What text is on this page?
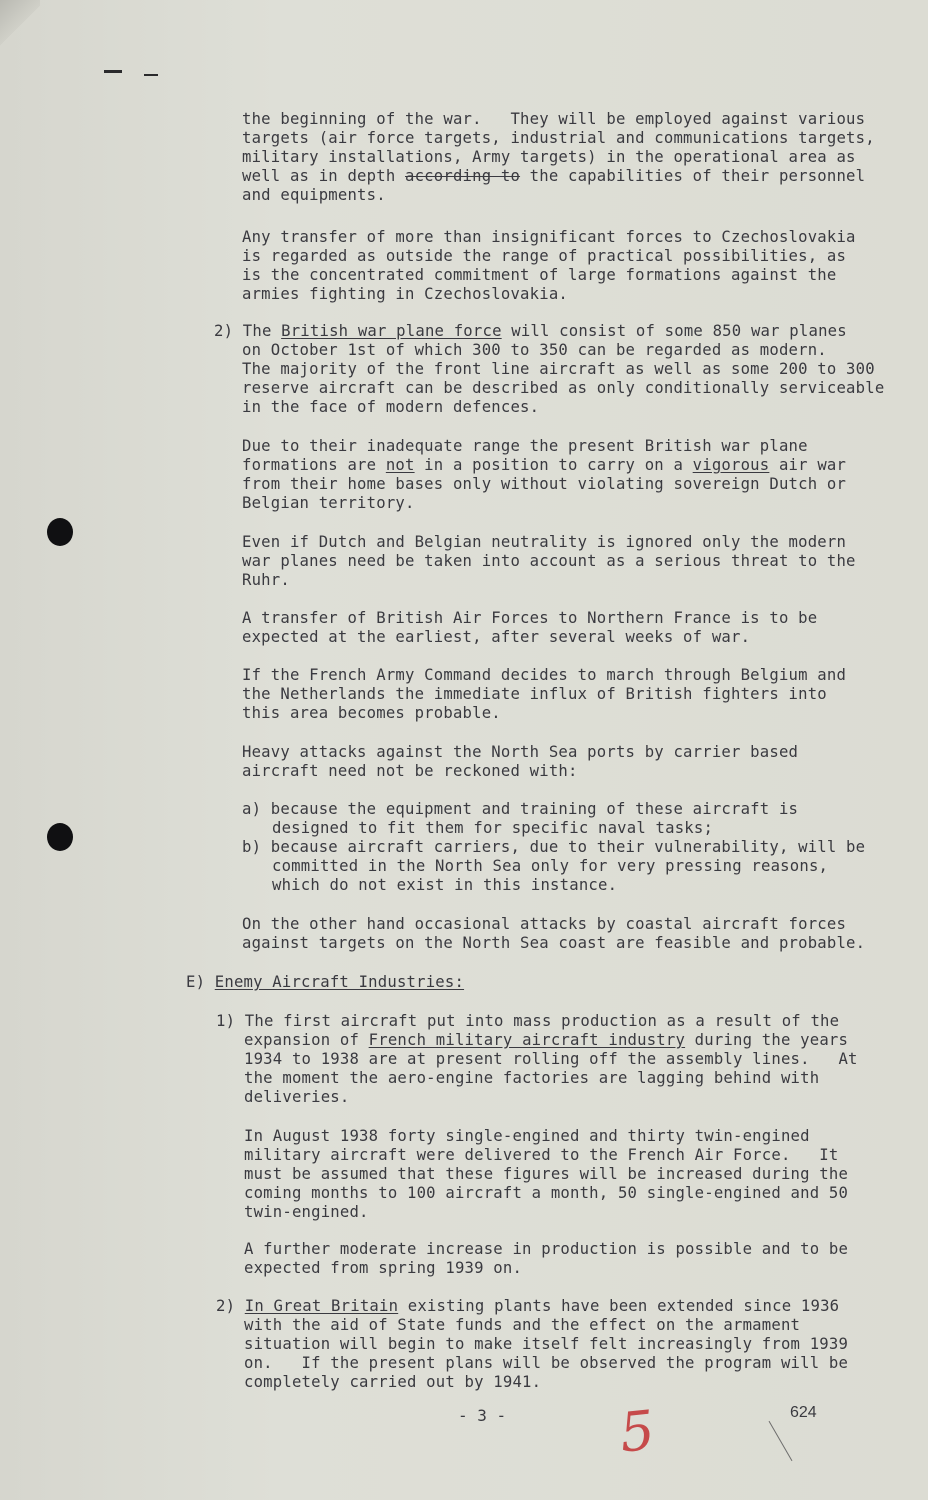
the beginning of the war.   They will be employed against various
targets (air force targets, industrial and communications targets,
military installations, Army targets) in the operational area as
well as in depth according to the capabilities of their personnel
and equipments.
Any transfer of more than insignificant forces to Czechoslovakia
is regarded as outside the range of practical possibilities, as
is the concentrated commitment of large formations against the
armies fighting in Czechoslovakia.
2) The British war plane force will consist of some 850 war planes
on October 1st of which 300 to 350 can be regarded as modern.
The majority of the front line aircraft as well as some 200 to 300
reserve aircraft can be described as only conditionally serviceable
in the face of modern defences.
Due to their inadequate range the present British war plane
formations are not in a position to carry on a vigorous air war
from their home bases only without violating sovereign Dutch or
Belgian territory.
Even if Dutch and Belgian neutrality is ignored only the modern
war planes need be taken into account as a serious threat to the
Ruhr.
A transfer of British Air Forces to Northern France is to be
expected at the earliest, after several weeks of war.
If the French Army Command decides to march through Belgium and
the Netherlands the immediate influx of British fighters into
this area becomes probable.
Heavy attacks against the North Sea ports by carrier based
aircraft need not be reckoned with:
a) because the equipment and training of these aircraft is
designed to fit them for specific naval tasks;
b) because aircraft carriers, due to their vulnerability, will be
committed in the North Sea only for very pressing reasons,
which do not exist in this instance.
On the other hand occasional attacks by coastal aircraft forces
against targets on the North Sea coast are feasible and probable.
E) Enemy Aircraft Industries:
1) The first aircraft put into mass production as a result of the
expansion of French military aircraft industry during the years
1934 to 1938 are at present rolling off the assembly lines.   At
the moment the aero-engine factories are lagging behind with
deliveries.
In August 1938 forty single-engined and thirty twin-engined
military aircraft were delivered to the French Air Force.   It
must be assumed that these figures will be increased during the
coming months to 100 aircraft a month, 50 single-engined and 50
twin-engined.
A further moderate increase in production is possible and to be
expected from spring 1939 on.
2) In Great Britain existing plants have been extended since 1936
with the aid of State funds and the effect on the armament
situation will begin to make itself felt increasingly from 1939
on.   If the present plans will be observed the program will be
completely carried out by 1941.
- 3 - 5	624
